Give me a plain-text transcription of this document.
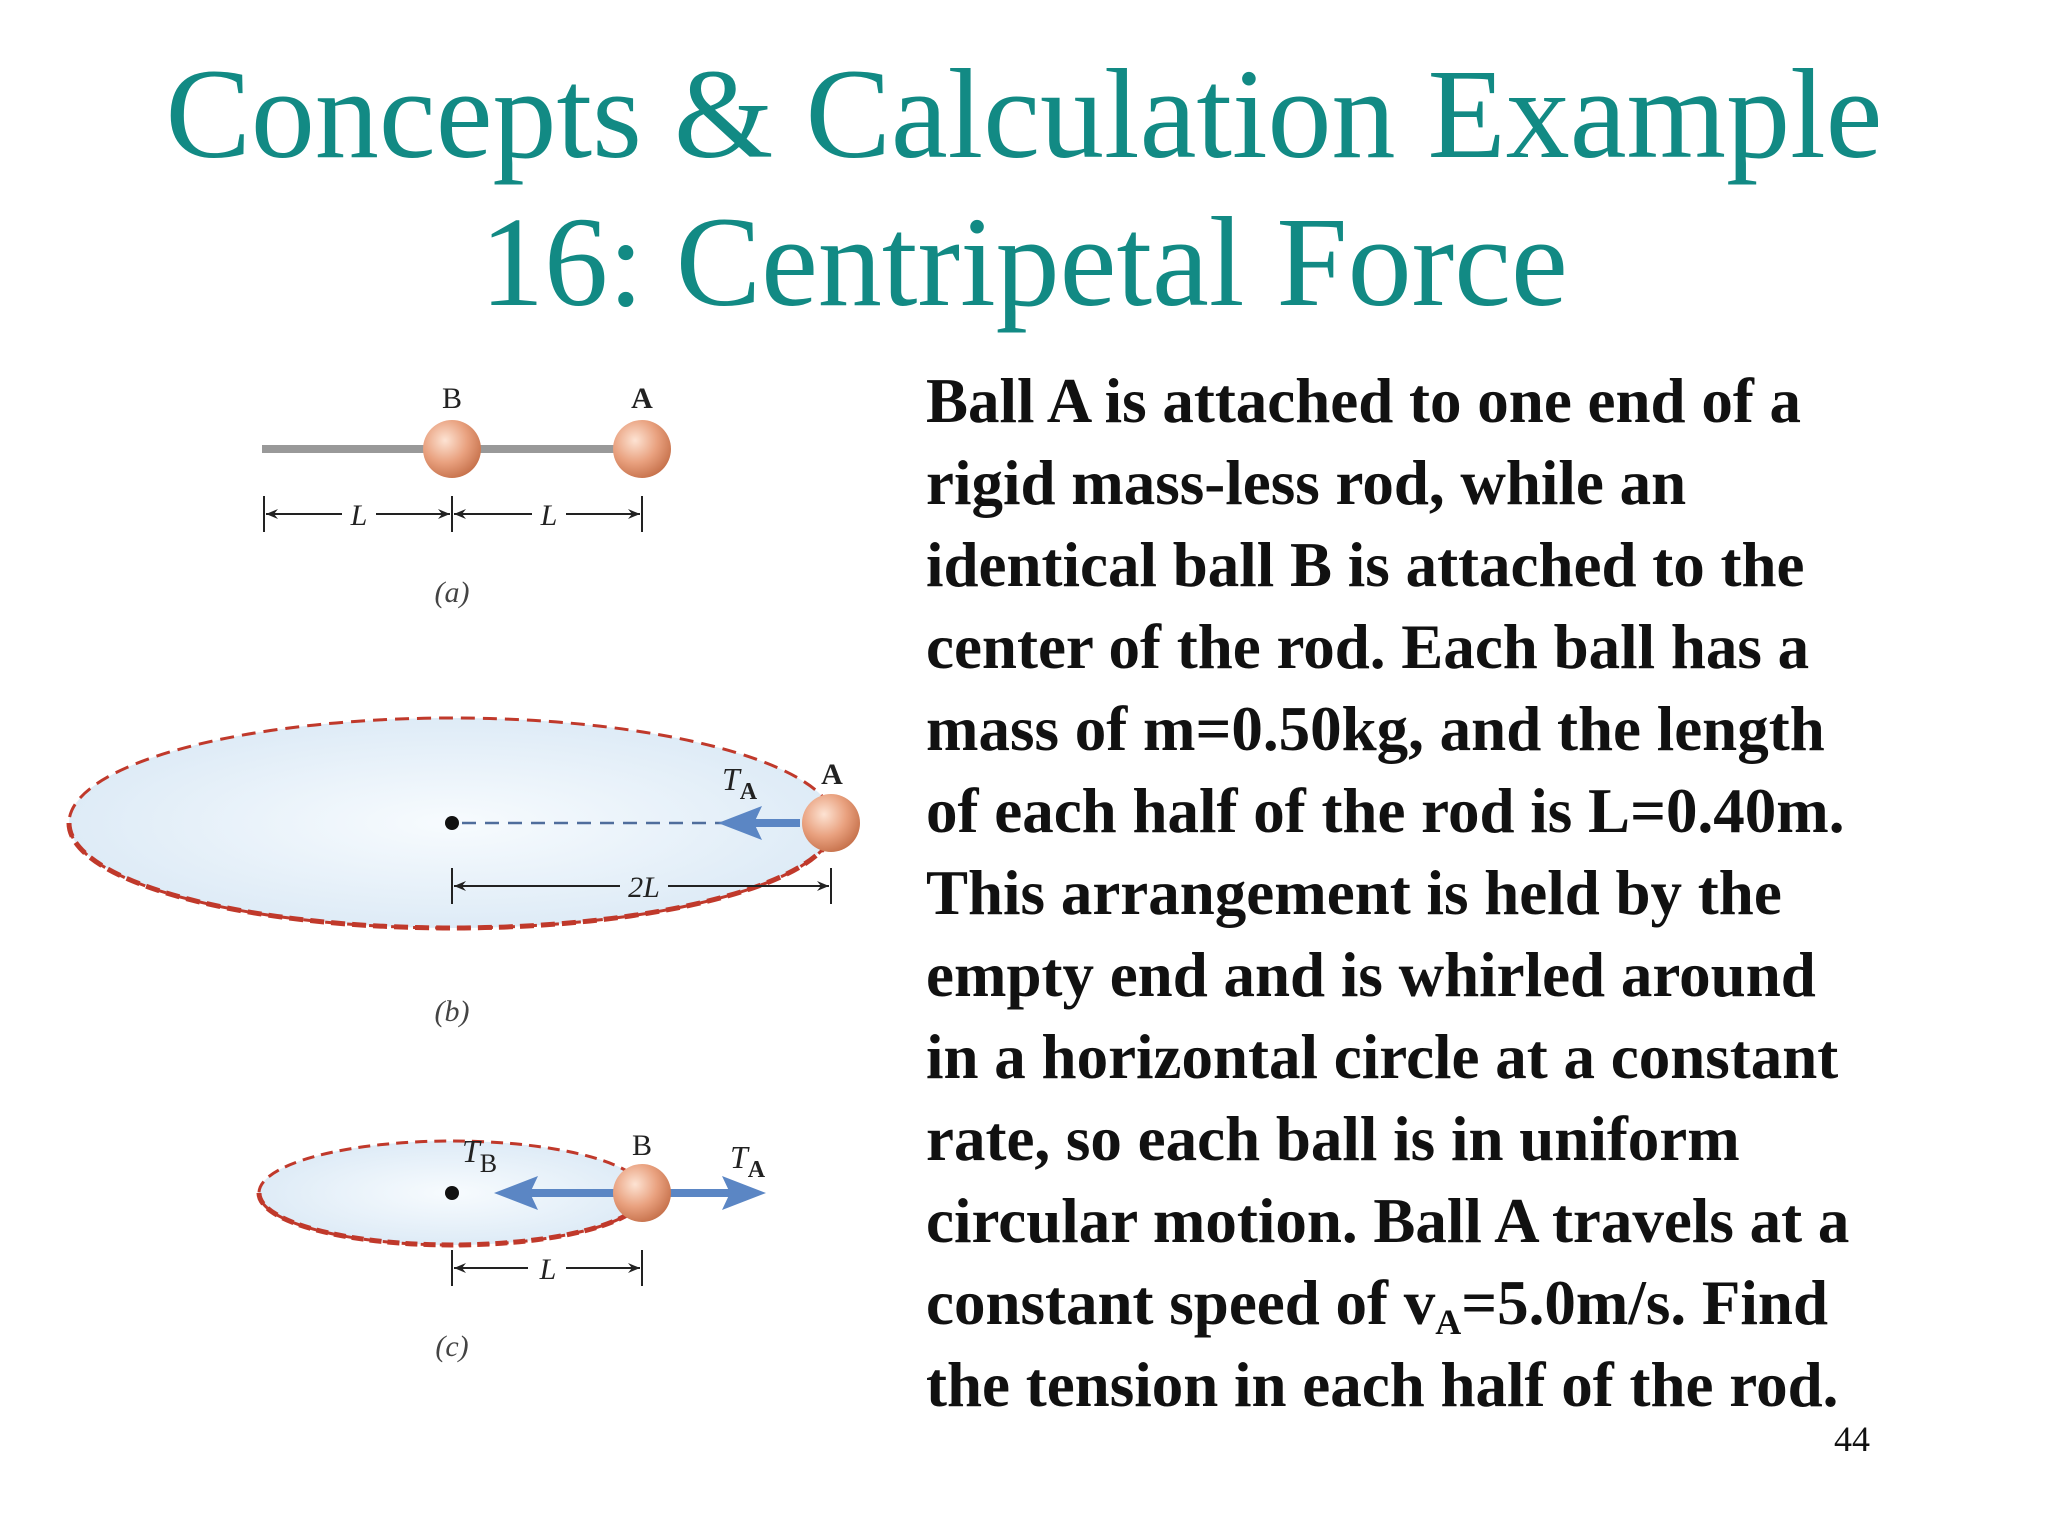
Concepts & Calculation Example
16: Centripetal Force
B	A
L	L
(a)
$T_A$
A
2L
(b)
$T_B$
B $T_A$
L
(c)
Ball A is attached to one end of a
rigid mass-less rod, while an
identical ball B is attached to the
center of the rod. Each ball has a
mass of m=0.50kg, and the length
of each half of the rod is L=0.40m.
This arrangement is held by the
empty end and is whirled around
in a horizontal circle at a constant
rate, so each ball is in uniform
circular motion. Ball A travels at a
constant speed of $v_A=5.0m/s$. Find
the tension in each half of the rod.
44
